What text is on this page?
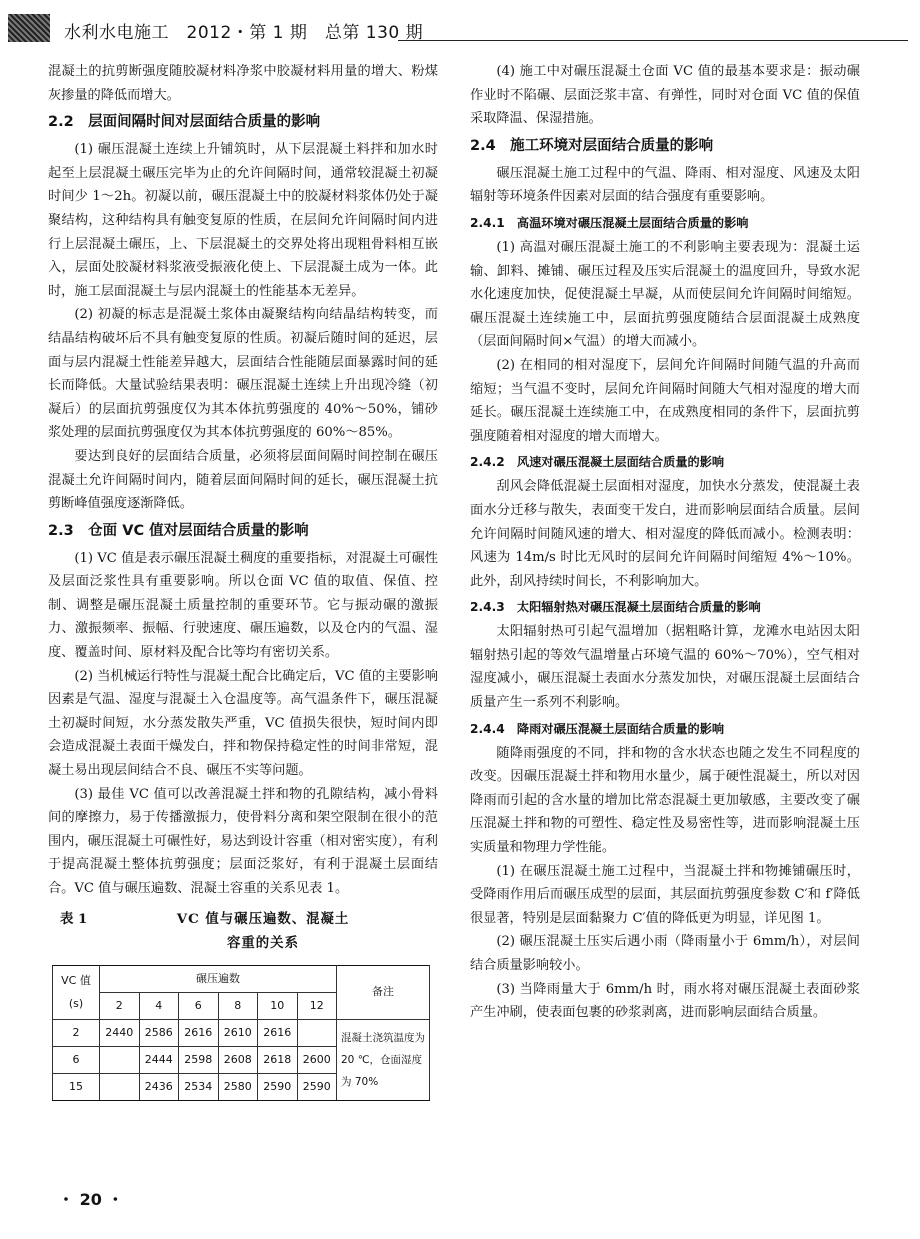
水利水电施工　2012・第 1 期　总第 130 期

混凝土的抗剪断强度随胶凝材料净浆中胶凝材料用量的增大、粉煤灰掺量的降低而增大。

2.2　层面间隔时间对层面结合质量的影响

(1) 碾压混凝土连续上升铺筑时，从下层混凝土料拌和加水时起至上层混凝土碾压完毕为止的允许间隔时间，通常较混凝土初凝时间少 1～2h。初凝以前，碾压混凝土中的胶凝材料浆体仍处于凝聚结构，这种结构具有触变复原的性质，在层间允许间隔时间内进行上层混凝土碾压，上、下层混凝土的交界处将出现粗骨料相互嵌入，层面处胶凝材料浆液受振液化使上、下层混凝土成为一体。此时，施工层面混凝土与层内混凝土的性能基本无差异。

(2) 初凝的标志是混凝土浆体由凝聚结构向结晶结构转变，而结晶结构破坏后不具有触变复原的性质。初凝后随时间的延迟，层面与层内混凝土性能差异越大，层面结合性能随层面暴露时间的延长而降低。大量试验结果表明：碾压混凝土连续上升出现冷缝（初凝后）的层面抗剪强度仅为其本体抗剪强度的 40%～50%，铺砂浆处理的层面抗剪强度仅为其本体抗剪强度的 60%～85%。

要达到良好的层面结合质量，必须将层面间隔时间控制在碾压混凝土允许间隔时间内，随着层面间隔时间的延长，碾压混凝土抗剪断峰值强度逐渐降低。

2.3　仓面 VC 值对层面结合质量的影响

(1) VC 值是表示碾压混凝土稠度的重要指标，对混凝土可碾性及层面泛浆性具有重要影响。所以仓面 VC 值的取值、保值、控制、调整是碾压混凝土质量控制的重要环节。它与振动碾的激振力、激振频率、振幅、行驶速度、碾压遍数，以及仓内的气温、湿度、覆盖时间、原材料及配合比等均有密切关系。

(2) 当机械运行特性与混凝土配合比确定后，VC 值的主要影响因素是气温、湿度与混凝土入仓温度等。高气温条件下，碾压混凝土初凝时间短，水分蒸发散失严重，VC 值损失很快，短时间内即会造成混凝土表面干燥发白，拌和物保持稳定性的时间非常短，混凝土易出现层间结合不良、碾压不实等问题。

(3) 最佳 VC 值可以改善混凝土拌和物的孔隙结构，减小骨料间的摩擦力，易于传播激振力，使骨料分离和架空限制在很小的范围内，碾压混凝土可碾性好，易达到设计容重（相对密实度），有利于提高混凝土整体抗剪强度；层面泛浆好，有利于混凝土层面结合。VC 值与碾压遍数、混凝土容重的关系见表 1。

表 1	VC 值与碾压遍数、混凝土
容重的关系
VC 值
(s)	碾压遍数						备注
	2	4	6	8	10	12	
2	2440	2586	2616	2610	2616		混凝土浇筑温度为 20 ℃，仓面湿度为 70%
6		2444	2598	2608	2618	2600	
15		2436	2534	2580	2590	2590	

(4) 施工中对碾压混凝土仓面 VC 值的最基本要求是：振动碾作业时不陷碾、层面泛浆丰富、有弹性，同时对仓面 VC 值的保值采取降温、保湿措施。

2.4　施工环境对层面结合质量的影响

碾压混凝土施工过程中的气温、降雨、相对湿度、风速及太阳辐射等环境条件因素对层面的结合强度有重要影响。

2.4.1　高温环境对碾压混凝土层面结合质量的影响

(1) 高温对碾压混凝土施工的不利影响主要表现为：混凝土运输、卸料、摊铺、碾压过程及压实后混凝土的温度回升，导致水泥水化速度加快，促使混凝土早凝，从而使层间允许间隔时间缩短。碾压混凝土连续施工中，层面抗剪强度随结合层面混凝土成熟度（层面间隔时间×气温）的增大而减小。

(2) 在相同的相对湿度下，层间允许间隔时间随气温的升高而缩短；当气温不变时，层间允许间隔时间随大气相对湿度的增大而延长。碾压混凝土连续施工中，在成熟度相同的条件下，层面抗剪强度随着相对湿度的增大而增大。

2.4.2　风速对碾压混凝土层面结合质量的影响

刮风会降低混凝土层面相对湿度，加快水分蒸发，使混凝土表面水分迁移与散失，表面变干发白，进而影响层面结合质量。层间允许间隔时间随风速的增大、相对湿度的降低而减小。检测表明：风速为 14m/s 时比无风时的层间允许间隔时间缩短 4%～10%。此外，刮风持续时间长，不利影响加大。

2.4.3　太阳辐射热对碾压混凝土层面结合质量的影响

太阳辐射热可引起气温增加（据粗略计算，龙滩水电站因太阳辐射热引起的等效气温增量占环境气温的 60%～70%），空气相对湿度减小，碾压混凝土表面水分蒸发加快，对碾压混凝土层面结合质量产生一系列不利影响。

2.4.4　降雨对碾压混凝土层面结合质量的影响

随降雨强度的不同，拌和物的含水状态也随之发生不同程度的改变。因碾压混凝土拌和物用水量少，属于硬性混凝土，所以对因降雨而引起的含水量的增加比常态混凝土更加敏感，主要改变了碾压混凝土拌和物的可塑性、稳定性及易密性等，进而影响混凝土压实质量和物理力学性能。

(1) 在碾压混凝土施工过程中，当混凝土拌和物摊铺碾压时，受降雨作用后而碾压成型的层面，其层面抗剪强度参数 C′和 f′降低很显著，特别是层面黏聚力 C′值的降低更为明显，详见图 1。

(2) 碾压混凝土压实后遇小雨（降雨量小于 6mm/h），对层间结合质量影响较小。

(3) 当降雨量大于 6mm/h 时，雨水将对碾压混凝土表面砂浆产生冲刷，使表面包裹的砂浆剥离，进而影响层面结合质量。

・ 20 ・
